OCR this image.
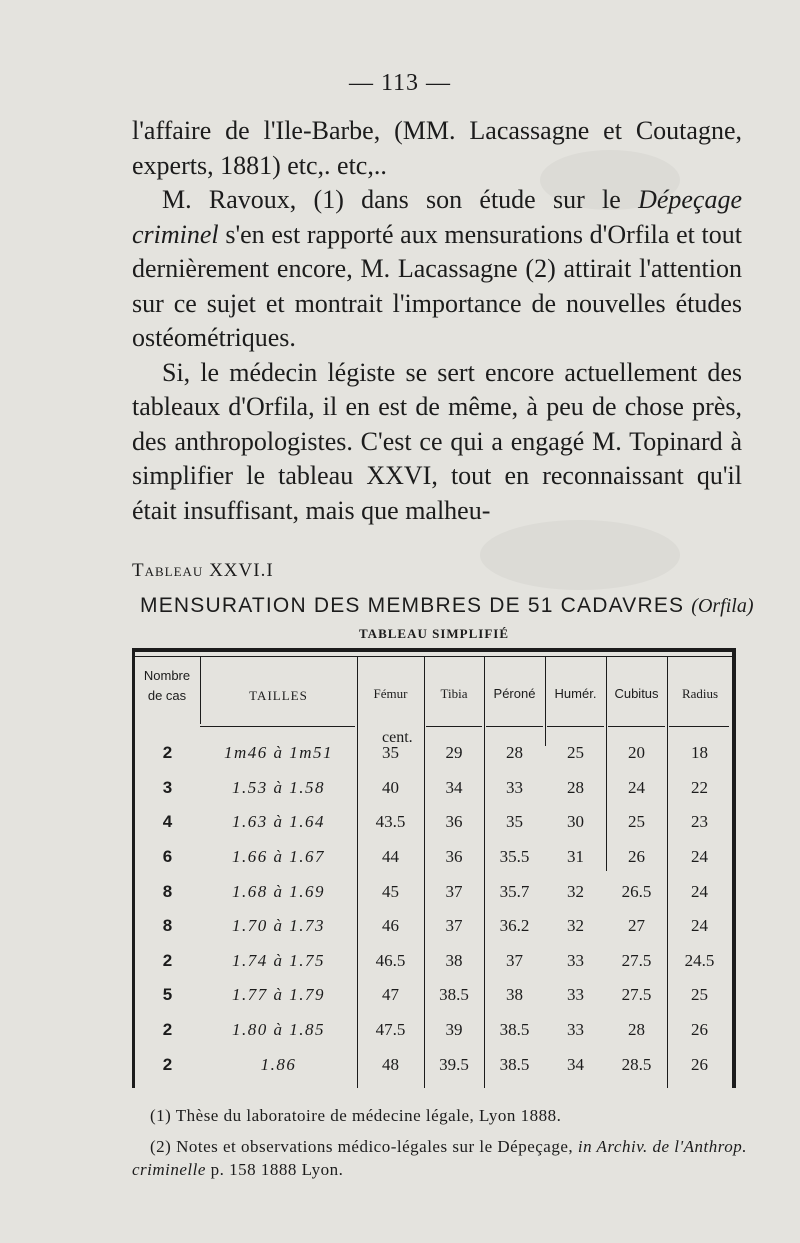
— 113 —

l'affaire de l'Ile-Barbe, (MM. Lacassagne et Coutagne, experts, 1881) etc,. etc,..

M. Ravoux, (1) dans son étude sur le Dépeçage criminel s'en est rapporté aux mensurations d'Orfila et tout dernièrement encore, M. Lacassagne (2) attirait l'attention sur ce sujet et montrait l'importance de nouvelles études ostéométriques.

Si, le médecin légiste se sert encore actuellement des tableaux d'Orfila, il en est de même, à peu de chose près, des anthropologistes. C'est ce qui a engagé M. Topinard à simplifier le tableau XXVI, tout en reconnaissant qu'il était insuffisant, mais que malheu-

Tableau XXVI.I
MENSURATION DES MEMBRES DE 51 CADAVRES (Orfila)
TABLEAU SIMPLIFIÉ
Nombre
de cas	TAILLES	Fémur	Tibia	Péroné	Humér.	Cubitus	Radius
cent.
2	1m46 à 1m51	35	29	28	25	20	18
3	1.53 à 1.58	40	34	33	28	24	22
4	1.63 à 1.64	43.5	36	35	30	25	23
6	1.66 à 1.67	44	36	35.5	31	26	24
8	1.68 à 1.69	45	37	35.7	32	26.5	24
8	1.70 à 1.73	46	37	36.2	32	27	24
2	1.74 à 1.75	46.5	38	37	33	27.5	24.5
5	1.77 à 1.79	47	38.5	38	33	27.5	25
2	1.80 à 1.85	47.5	39	38.5	33	28	26
2	1.86	48	39.5	38.5	34	28.5	26

(1) Thèse du laboratoire de médecine légale, Lyon 1888.

(2) Notes et observations médico-légales sur le Dépeçage, in Archiv. de l'Anthrop. criminelle p. 158 1888 Lyon.
